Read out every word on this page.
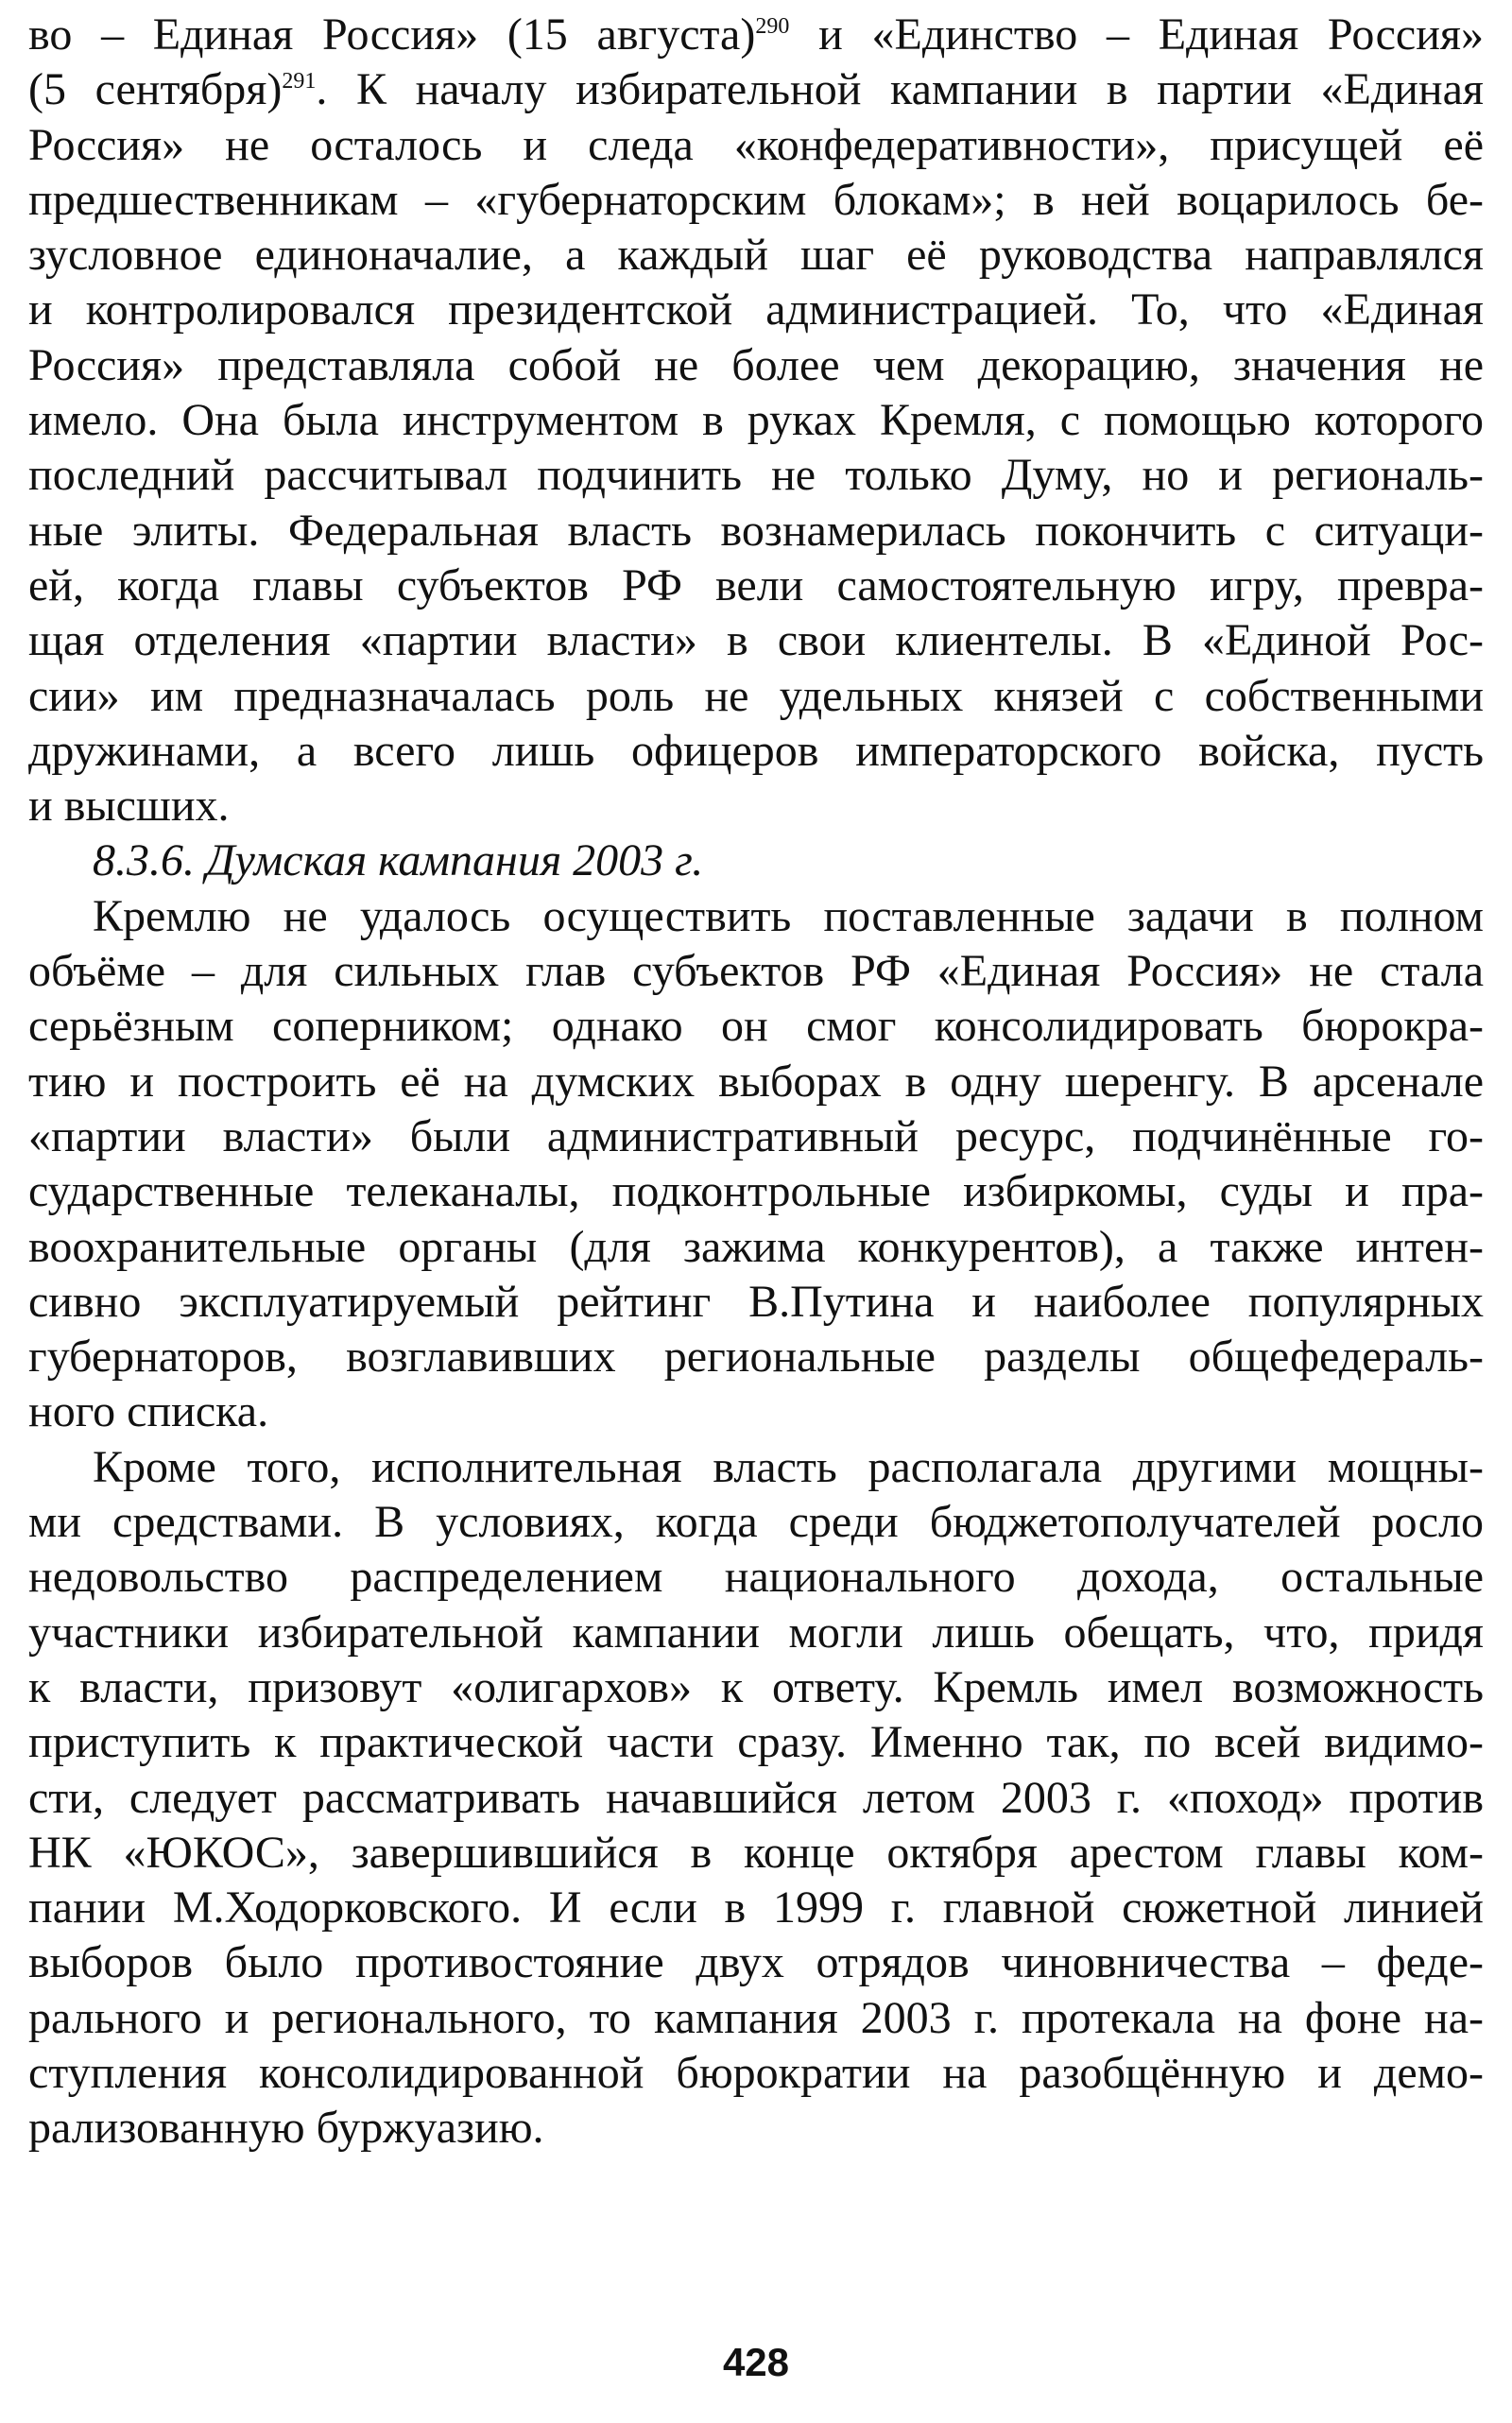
во – Единая Россия» (15 августа)$^{290}$ и «Единство – Единая Россия»
(5 сентября)$^{291}$. К началу избирательной кампании в партии «Единая
Россия» не осталось и следа «конфедеративности», присущей её
предшественникам – «губернаторским блокам»; в ней воцарилось бе-
зусловное единоначалие, а каждый шаг её руководства направлялся
и контролировался президентской администрацией. То, что «Единая
Россия» представляла собой не более чем декорацию, значения не
имело. Она была инструментом в руках Кремля, с помощью которого
последний рассчитывал подчинить не только Думу, но и региональ-
ные элиты. Федеральная власть вознамерилась покончить с ситуаци-
ей, когда главы субъектов РФ вели самостоятельную игру, превра-
щая отделения «партии власти» в свои клиентелы. В «Единой Рос-
сии» им предназначалась роль не удельных князей с собственными
дружинами, а всего лишь офицеров императорского войска, пусть
и высших.
8.3.6. Думская кампания 2003 г.
Кремлю не удалось осуществить поставленные задачи в полном
объёме – для сильных глав субъектов РФ «Единая Россия» не стала
серьёзным соперником; однако он смог консолидировать бюрокра-
тию и построить её на думских выборах в одну шеренгу. В арсенале
«партии власти» были административный ресурс, подчинённые го-
сударственные телеканалы, подконтрольные избиркомы, суды и пра-
воохранительные органы (для зажима конкурентов), а также интен-
сивно эксплуатируемый рейтинг В.Путина и наиболее популярных
губернаторов, возглавивших региональные разделы общефедераль-
ного списка.
Кроме того, исполнительная власть располагала другими мощны-
ми средствами. В условиях, когда среди бюджетополучателей росло
недовольство распределением национального дохода, остальные
участники избирательной кампании могли лишь обещать, что, придя
к власти, призовут «олигархов» к ответу. Кремль имел возможность
приступить к практической части сразу. Именно так, по всей видимо-
сти, следует рассматривать начавшийся летом 2003 г. «поход» против
НК «ЮКОС», завершившийся в конце октября арестом главы ком-
пании М.Ходорковского. И если в 1999 г. главной сюжетной линией
выборов было противостояние двух отрядов чиновничества – феде-
рального и регионального, то кампания 2003 г. протекала на фоне на-
ступления консолидированной бюрократии на разобщённую и демо-
рализованную буржуазию.
428
